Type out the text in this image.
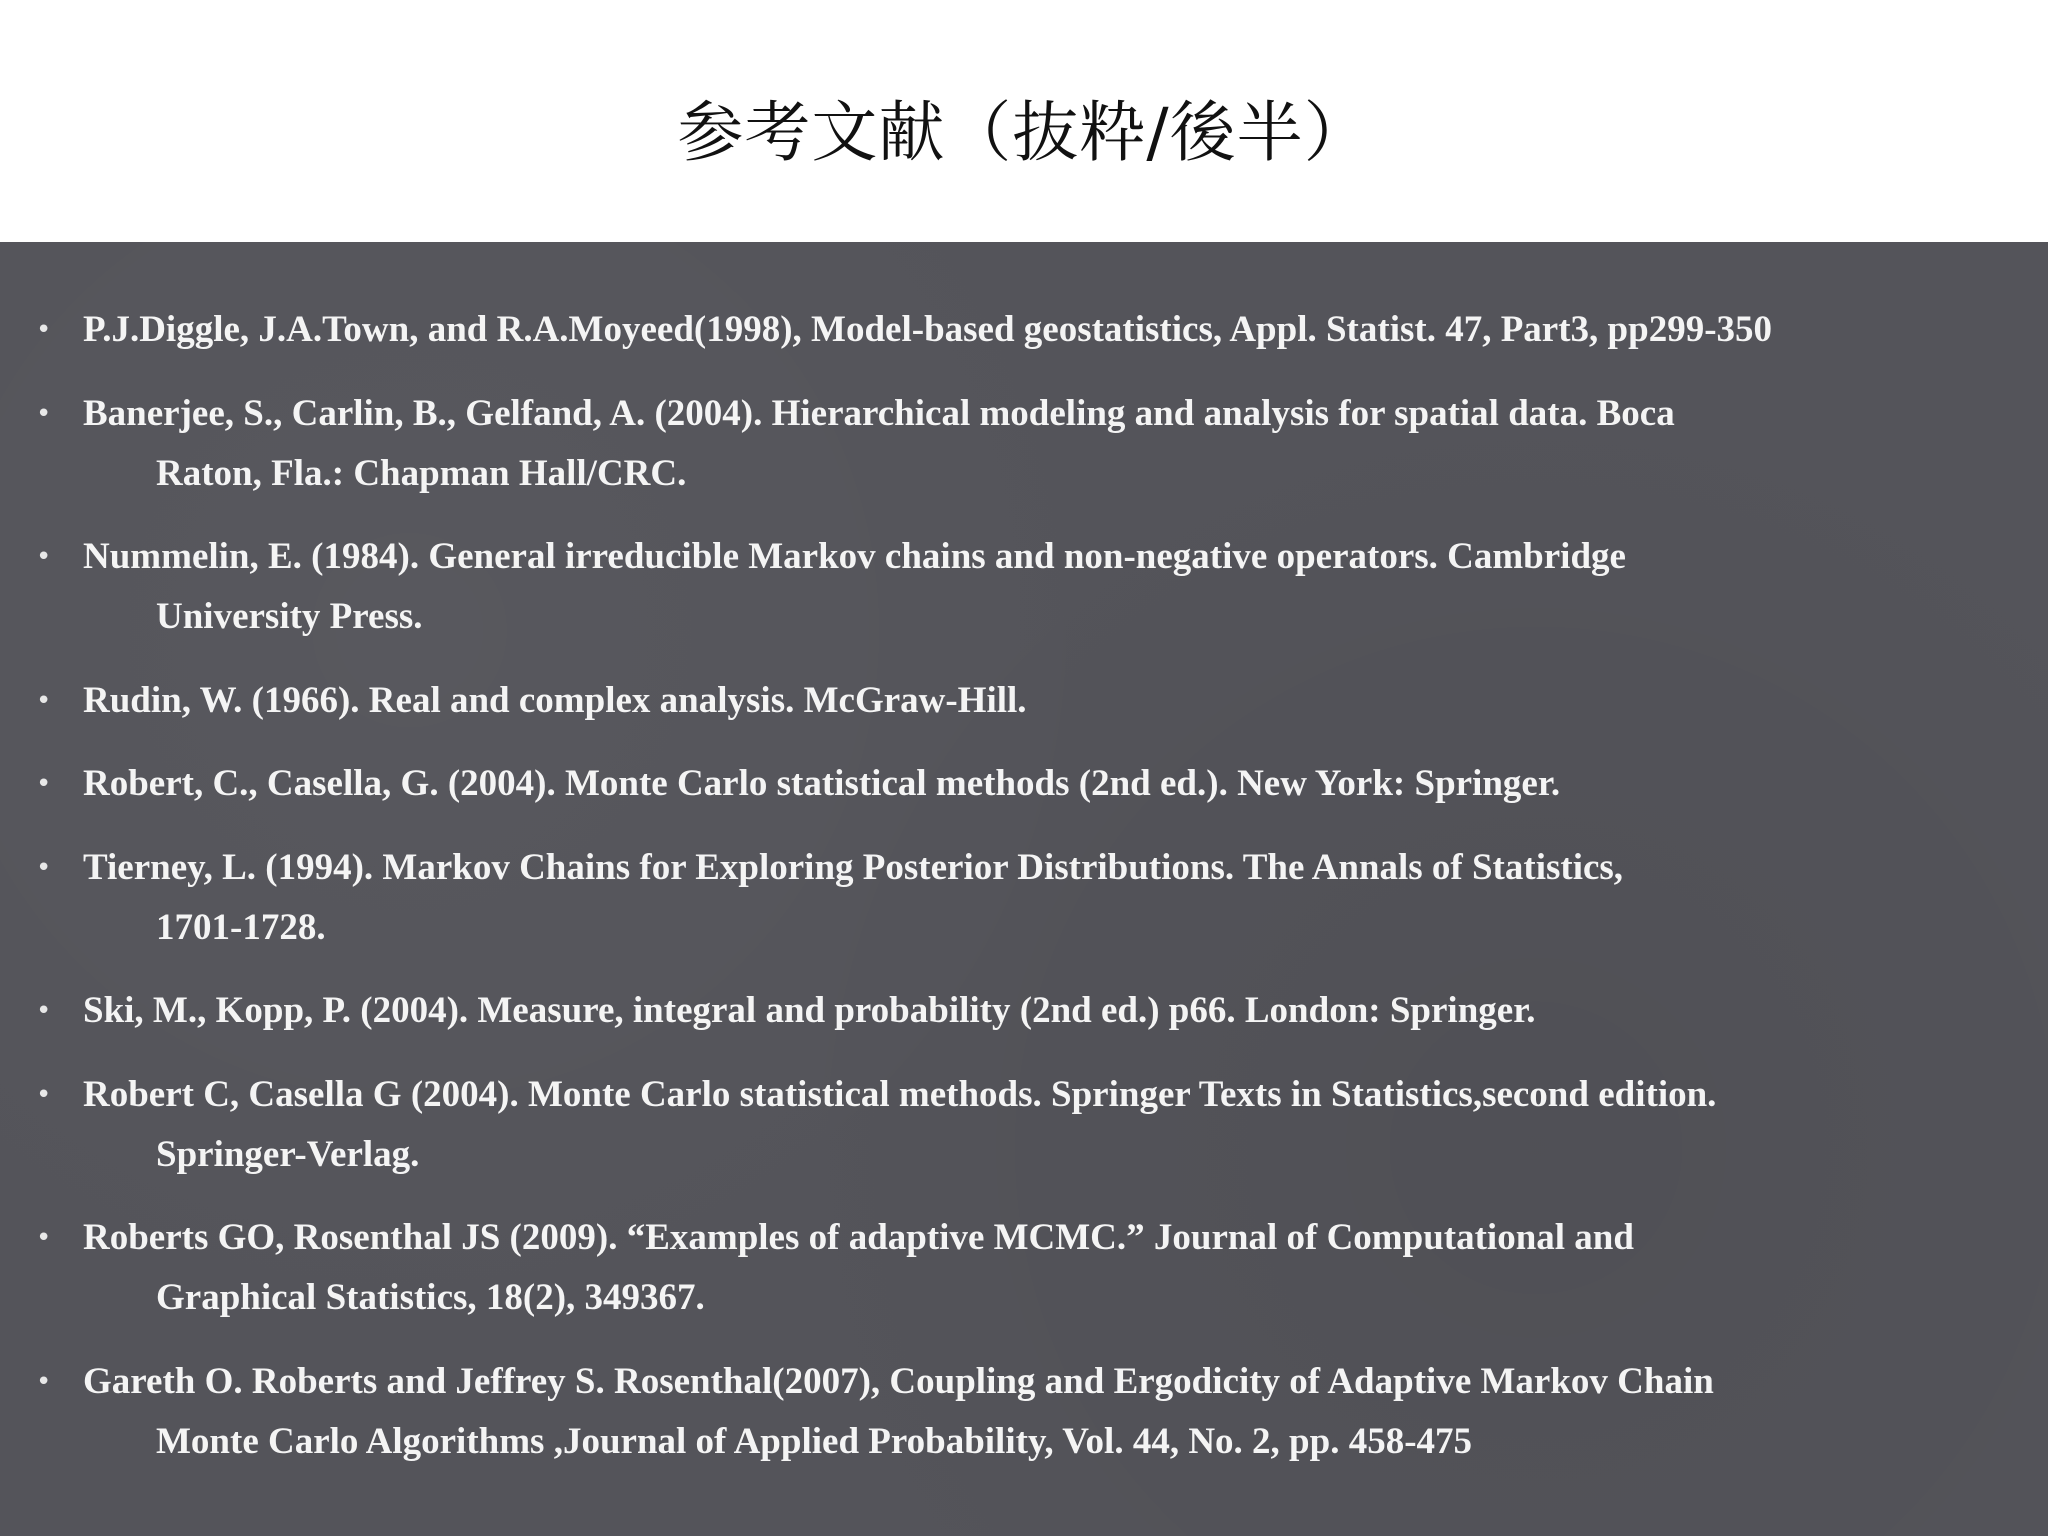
参考文献（抜粋/後半）
• P.J.Diggle, J.A.Town, and R.A.Moyeed(1998), Model-based geostatistics, Appl. Statist. 47, Part3, pp299-350
• Banerjee, S., Carlin, B., Gelfand, A. (2004). Hierarchical modeling and analysis for spatial data. Boca
Raton, Fla.: Chapman Hall/CRC.
• Nummelin, E. (1984). General irreducible Markov chains and non-negative operators. Cambridge
University Press.
• Rudin, W. (1966). Real and complex analysis. McGraw-Hill.
• Robert, C., Casella, G. (2004). Monte Carlo statistical methods (2nd ed.). New York: Springer.
• Tierney, L. (1994). Markov Chains for Exploring Posterior Distributions. The Annals of Statistics,
1701-1728.
• Ski, M., Kopp, P. (2004). Measure, integral and probability (2nd ed.) p66. London: Springer.
• Robert C, Casella G (2004). Monte Carlo statistical methods. Springer Texts in Statistics,second edition.
Springer-Verlag.
• Roberts GO, Rosenthal JS (2009). “Examples of adaptive MCMC.” Journal of Computational and
Graphical Statistics, 18(2), 349367.
• Gareth O. Roberts and Jeffrey S. Rosenthal(2007), Coupling and Ergodicity of Adaptive Markov Chain
Monte Carlo Algorithms ,Journal of Applied Probability, Vol. 44, No. 2, pp. 458-475
